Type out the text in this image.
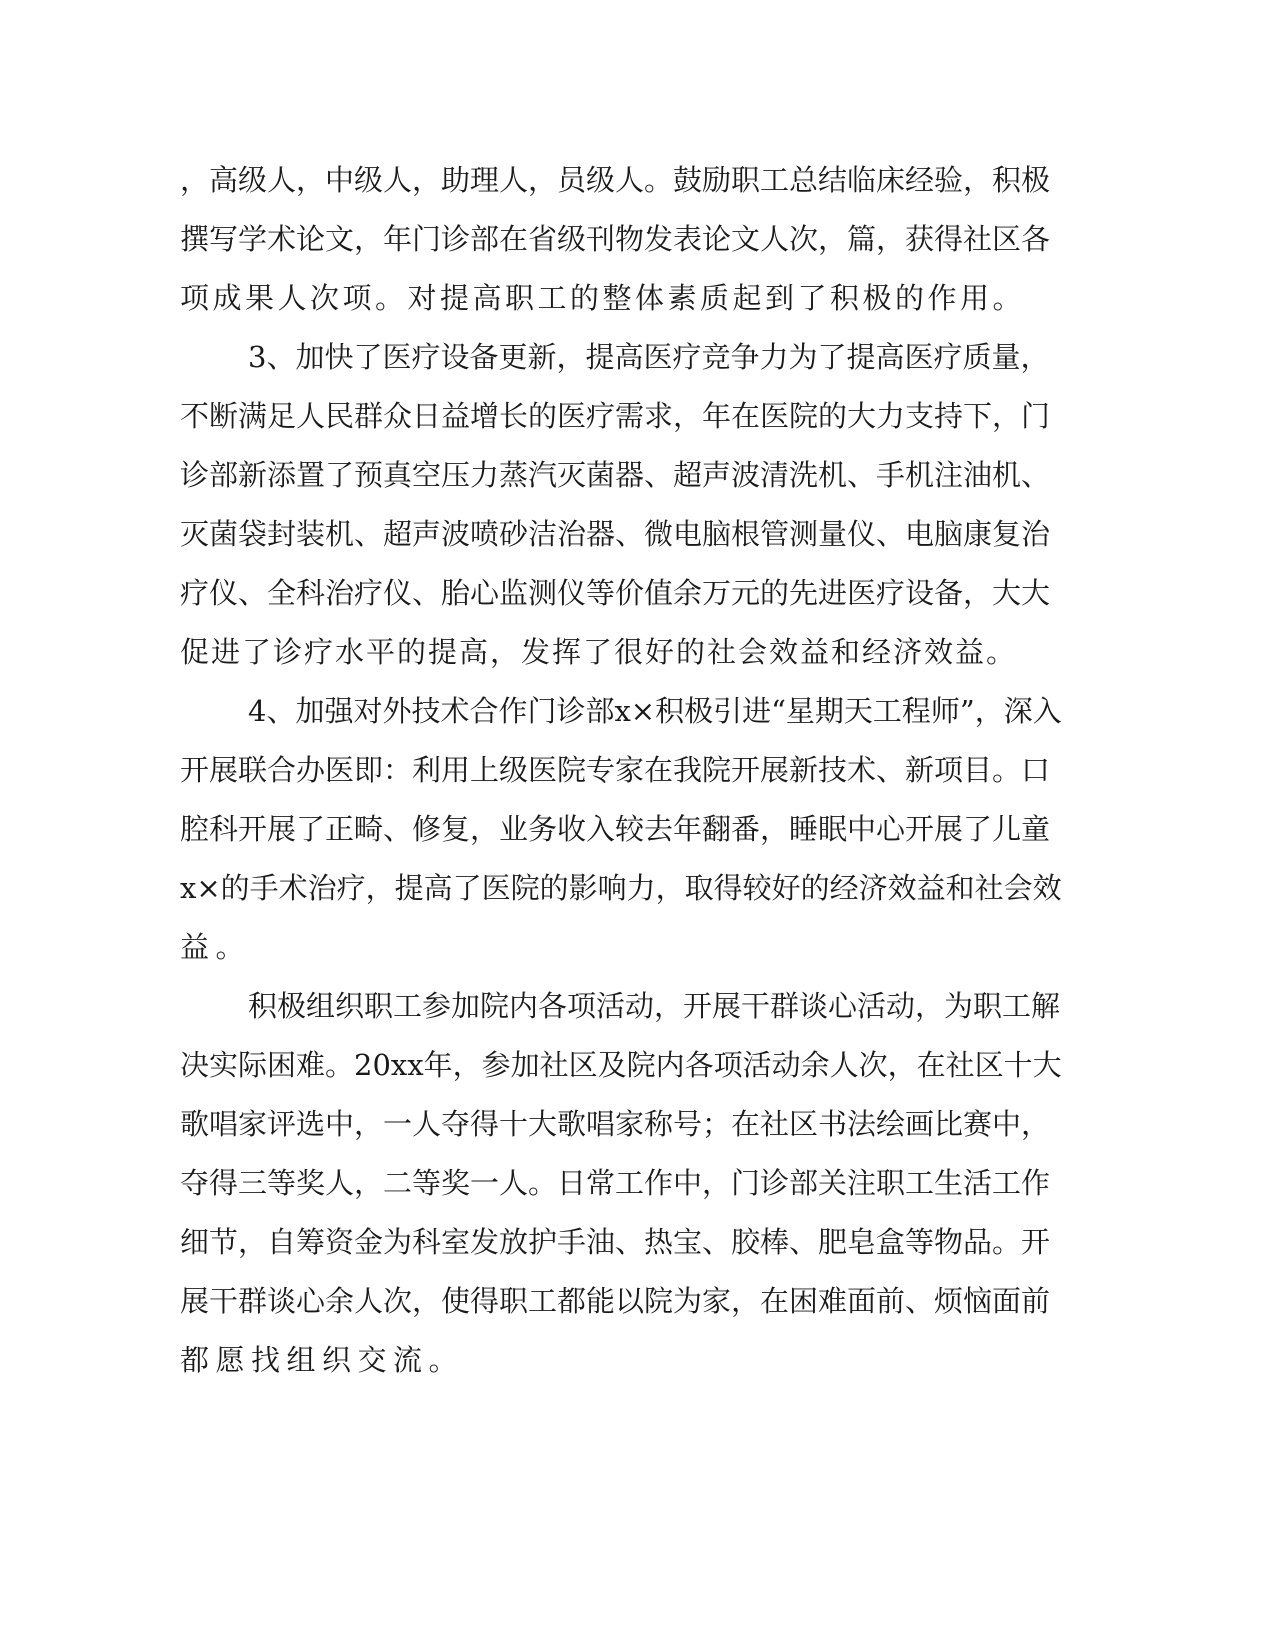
，高级人，中级人，助理人，员级人。鼓励职工总结临床经验，积极
撰写学术论文，年门诊部在省级刊物发表论文人次，篇，获得社区各
项成果人次项。对提高职工的整体素质起到了积极的作用。
3、加快了医疗设备更新，提高医疗竞争力为了提高医疗质量，
不断满足人民群众日益增长的医疗需求，年在医院的大力支持下，门
诊部新添置了预真空压力蒸汽灭菌器、超声波清洗机、手机注油机、
灭菌袋封装机、超声波喷砂洁治器、微电脑根管测量仪、电脑康复治
疗仪、全科治疗仪、胎心监测仪等价值余万元的先进医疗设备，大大
促进了诊疗水平的提高，发挥了很好的社会效益和经济效益。
4、加强对外技术合作门诊部x×积极引进“星期天工程师”，深入
开展联合办医即：利用上级医院专家在我院开展新技术、新项目。口
腔科开展了正畸、修复，业务收入较去年翻番，睡眠中心开展了儿童
x×的手术治疗，提高了医院的影响力，取得较好的经济效益和社会效
益。
积极组织职工参加院内各项活动，开展干群谈心活动，为职工解
决实际困难。20xx年，参加社区及院内各项活动余人次，在社区十大
歌唱家评选中，一人夺得十大歌唱家称号；在社区书法绘画比赛中，
夺得三等奖人，二等奖一人。日常工作中，门诊部关注职工生活工作
细节，自筹资金为科室发放护手油、热宝、胶棒、肥皂盒等物品。开
展干群谈心余人次，使得职工都能以院为家，在困难面前、烦恼面前
都愿找组织交流。
